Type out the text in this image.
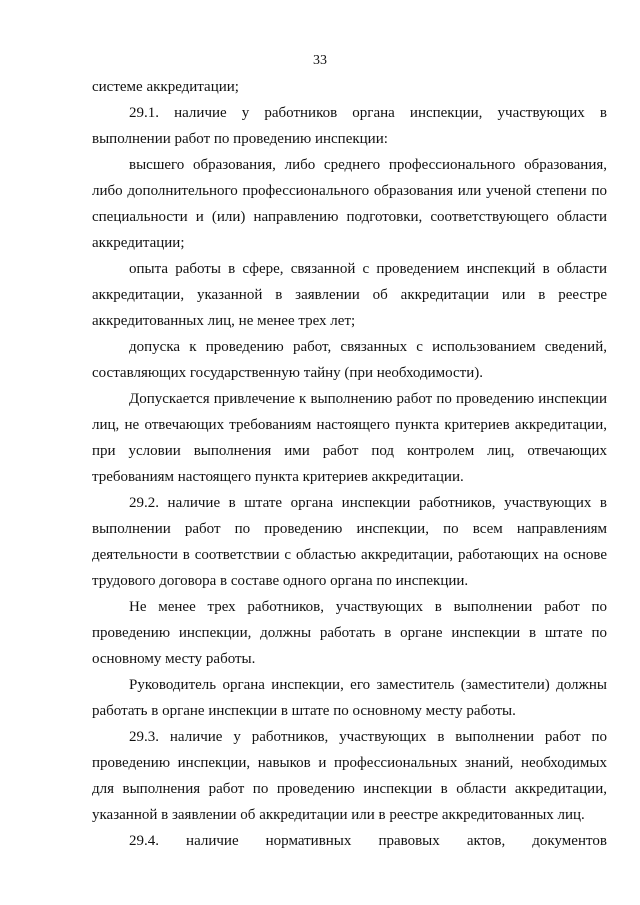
33

системе аккредитации;

29.1. наличие у работников органа инспекции, участвующих в выполнении работ по проведению инспекции:

высшего образования, либо среднего профессионального образования, либо дополнительного профессионального образования или ученой степени по специальности и (или) направлению подготовки, соответствующего области аккредитации;

опыта работы в сфере, связанной с проведением инспекций в области аккредитации, указанной в заявлении об аккредитации или в реестре аккредитованных лиц, не менее трех лет;

допуска к проведению работ, связанных с использованием сведений, составляющих государственную тайну (при необходимости).

Допускается привлечение к выполнению работ по проведению инспекции лиц, не отвечающих требованиям настоящего пункта критериев аккредитации, при условии выполнения ими работ под контролем лиц, отвечающих требованиям настоящего пункта критериев аккредитации.

29.2. наличие в штате органа инспекции работников, участвующих в выполнении работ по проведению инспекции, по всем направлениям деятельности в соответствии с областью аккредитации, работающих на основе трудового договора в составе одного органа по инспекции.

Не менее трех работников, участвующих в выполнении работ по проведению инспекции, должны работать в органе инспекции в штате по основному месту работы.

Руководитель органа инспекции, его заместитель (заместители) должны работать в органе инспекции в штате по основному месту работы.

29.3. наличие у работников, участвующих в выполнении работ по проведению инспекции, навыков и профессиональных знаний, необходимых для выполнения работ по проведению инспекции в области аккредитации, указанной в заявлении об аккредитации или в реестре аккредитованных лиц.

29.4. наличие нормативных правовых актов, документов
